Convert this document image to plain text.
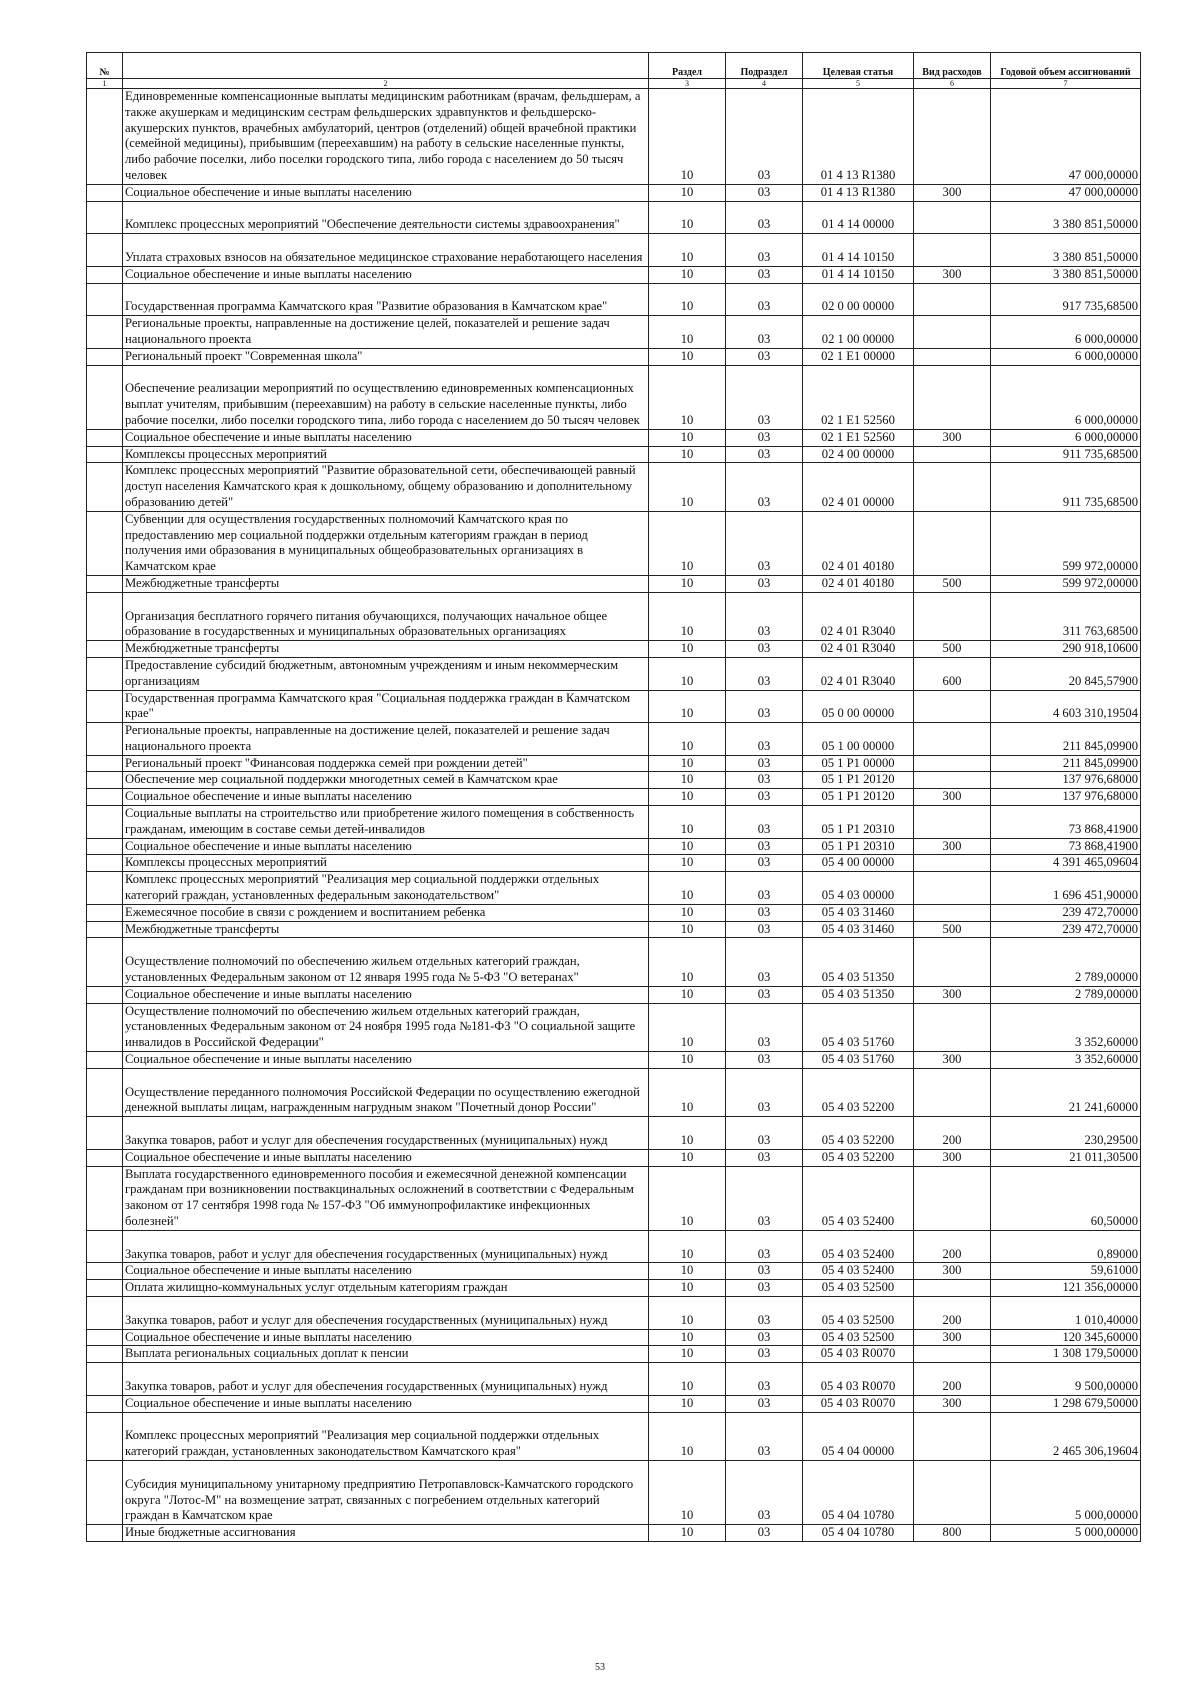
№		Раздел	Подраздел	Целевая статья	Вид расходов	Годовой объем ассигнований
1	2	3	4	5	6	7
	Единовременные компенсационные выплаты медицинским работникам (врачам, фельдшерам, а также акушеркам и медицинским сестрам фельдшерских здравпунктов и фельдшерско-акушерских пунктов, врачебных амбулаторий, центров (отделений) общей врачебной практики (семейной медицины), прибывшим (переехавшим) на работу в сельские населенные пункты, либо рабочие поселки, либо поселки городского типа, либо города с населением до 50 тысяч человек	10	03	01 4 13 R1380		47 000,00000
	Социальное обеспечение и иные выплаты населению	10	03	01 4 13 R1380	300	47 000,00000
	Комплекс процессных мероприятий "Обеспечение деятельности системы здравоохранения"	10	03	01 4 14 00000		3 380 851,50000
	Уплата страховых взносов на обязательное медицинское страхование неработающего населения	10	03	01 4 14 10150		3 380 851,50000
	Социальное обеспечение и иные выплаты населению	10	03	01 4 14 10150	300	3 380 851,50000
	Государственная программа Камчатского края "Развитие образования в Камчатском крае"	10	03	02 0 00 00000		917 735,68500
	Региональные проекты, направленные на достижение целей, показателей и решение задач национального проекта	10	03	02 1 00 00000		6 000,00000
	Региональный проект "Современная школа"	10	03	02 1 E1 00000		6 000,00000
	Обеспечение реализации мероприятий по осуществлению единовременных компенсационных выплат учителям, прибывшим (переехавшим) на работу в сельские населенные пункты, либо рабочие поселки, либо поселки городского типа, либо города с населением до 50 тысяч человек	10	03	02 1 E1 52560		6 000,00000
	Социальное обеспечение и иные выплаты населению	10	03	02 1 E1 52560	300	6 000,00000
	Комплексы процессных мероприятий	10	03	02 4 00 00000		911 735,68500
	Комплекс процессных мероприятий "Развитие образовательной сети, обеспечивающей равный доступ населения Камчатского края к дошкольному, общему образованию и дополнительному образованию детей"	10	03	02 4 01 00000		911 735,68500
	Субвенции для осуществления государственных полномочий Камчатского края по предоставлению мер социальной поддержки отдельным категориям граждан в период получения ими образования в муниципальных общеобразовательных организациях в Камчатском крае	10	03	02 4 01 40180		599 972,00000
	Межбюджетные трансферты	10	03	02 4 01 40180	500	599 972,00000
	Организация бесплатного горячего питания обучающихся, получающих начальное общее образование в государственных и муниципальных образовательных организациях	10	03	02 4 01 R3040		311 763,68500
	Межбюджетные трансферты	10	03	02 4 01 R3040	500	290 918,10600
	Предоставление субсидий бюджетным, автономным учреждениям и иным некоммерческим организациям	10	03	02 4 01 R3040	600	20 845,57900
	Государственная программа Камчатского края "Социальная поддержка граждан в Камчатском крае"	10	03	05 0 00 00000		4 603 310,19504
	Региональные проекты, направленные на достижение целей, показателей и решение задач национального проекта	10	03	05 1 00 00000		211 845,09900
	Региональный проект "Финансовая поддержка семей при рождении детей"	10	03	05 1 P1 00000		211 845,09900
	Обеспечение мер социальной поддержки многодетных семей в Камчатском крае	10	03	05 1 P1 20120		137 976,68000
	Социальное обеспечение и иные выплаты населению	10	03	05 1 P1 20120	300	137 976,68000
	Социальные выплаты на строительство или приобретение жилого помещения в собственность гражданам, имеющим в составе семьи детей-инвалидов	10	03	05 1 P1 20310		73 868,41900
	Социальное обеспечение и иные выплаты населению	10	03	05 1 P1 20310	300	73 868,41900
	Комплексы процессных мероприятий	10	03	05 4 00 00000		4 391 465,09604
	Комплекс процессных мероприятий "Реализация мер социальной поддержки отдельных категорий граждан, установленных федеральным законодательством"	10	03	05 4 03 00000		1 696 451,90000
	Ежемесячное пособие в связи с рождением и воспитанием ребенка	10	03	05 4 03 31460		239 472,70000
	Межбюджетные трансферты	10	03	05 4 03 31460	500	239 472,70000
	Осуществление полномочий по обеспечению жильем отдельных категорий граждан, установленных Федеральным законом от 12 января 1995 года № 5-ФЗ "О ветеранах"	10	03	05 4 03 51350		2 789,00000
	Социальное обеспечение и иные выплаты населению	10	03	05 4 03 51350	300	2 789,00000
	Осуществление полномочий по обеспечению жильем отдельных категорий граждан, установленных Федеральным законом от 24 ноября 1995 года №181-ФЗ "О социальной защите инвалидов в Российской Федерации"	10	03	05 4 03 51760		3 352,60000
	Социальное обеспечение и иные выплаты населению	10	03	05 4 03 51760	300	3 352,60000
	Осуществление переданного полномочия Российской Федерации по осуществлению ежегодной денежной выплаты лицам, награжденным нагрудным знаком "Почетный донор России"	10	03	05 4 03 52200		21 241,60000
	Закупка товаров, работ и услуг для обеспечения государственных (муниципальных) нужд	10	03	05 4 03 52200	200	230,29500
	Социальное обеспечение и иные выплаты населению	10	03	05 4 03 52200	300	21 011,30500
	Выплата государственного единовременного пособия и ежемесячной денежной компенсации гражданам при возникновении поствакцинальных осложнений в соответствии с Федеральным законом от 17 сентября 1998 года № 157-ФЗ "Об иммунопрофилактике инфекционных болезней"	10	03	05 4 03 52400		60,50000
	Закупка товаров, работ и услуг для обеспечения государственных (муниципальных) нужд	10	03	05 4 03 52400	200	0,89000
	Социальное обеспечение и иные выплаты населению	10	03	05 4 03 52400	300	59,61000
	Оплата жилищно-коммунальных услуг отдельным категориям граждан	10	03	05 4 03 52500		121 356,00000
	Закупка товаров, работ и услуг для обеспечения государственных (муниципальных) нужд	10	03	05 4 03 52500	200	1 010,40000
	Социальное обеспечение и иные выплаты населению	10	03	05 4 03 52500	300	120 345,60000
	Выплата региональных социальных доплат к пенсии	10	03	05 4 03 R0070		1 308 179,50000
	Закупка товаров, работ и услуг для обеспечения государственных (муниципальных) нужд	10	03	05 4 03 R0070	200	9 500,00000
	Социальное обеспечение и иные выплаты населению	10	03	05 4 03 R0070	300	1 298 679,50000
	Комплекс процессных мероприятий "Реализация мер социальной поддержки отдельных категорий граждан, установленных законодательством Камчатского края"	10	03	05 4 04 00000		2 465 306,19604
	Субсидия муниципальному унитарному предприятию Петропавловск-Камчатского городского округа "Лотос-М" на возмещение затрат, связанных с погребением отдельных категорий граждан в Камчатском крае	10	03	05 4 04 10780		5 000,00000
	Иные бюджетные ассигнования	10	03	05 4 04 10780	800	5 000,00000
53
